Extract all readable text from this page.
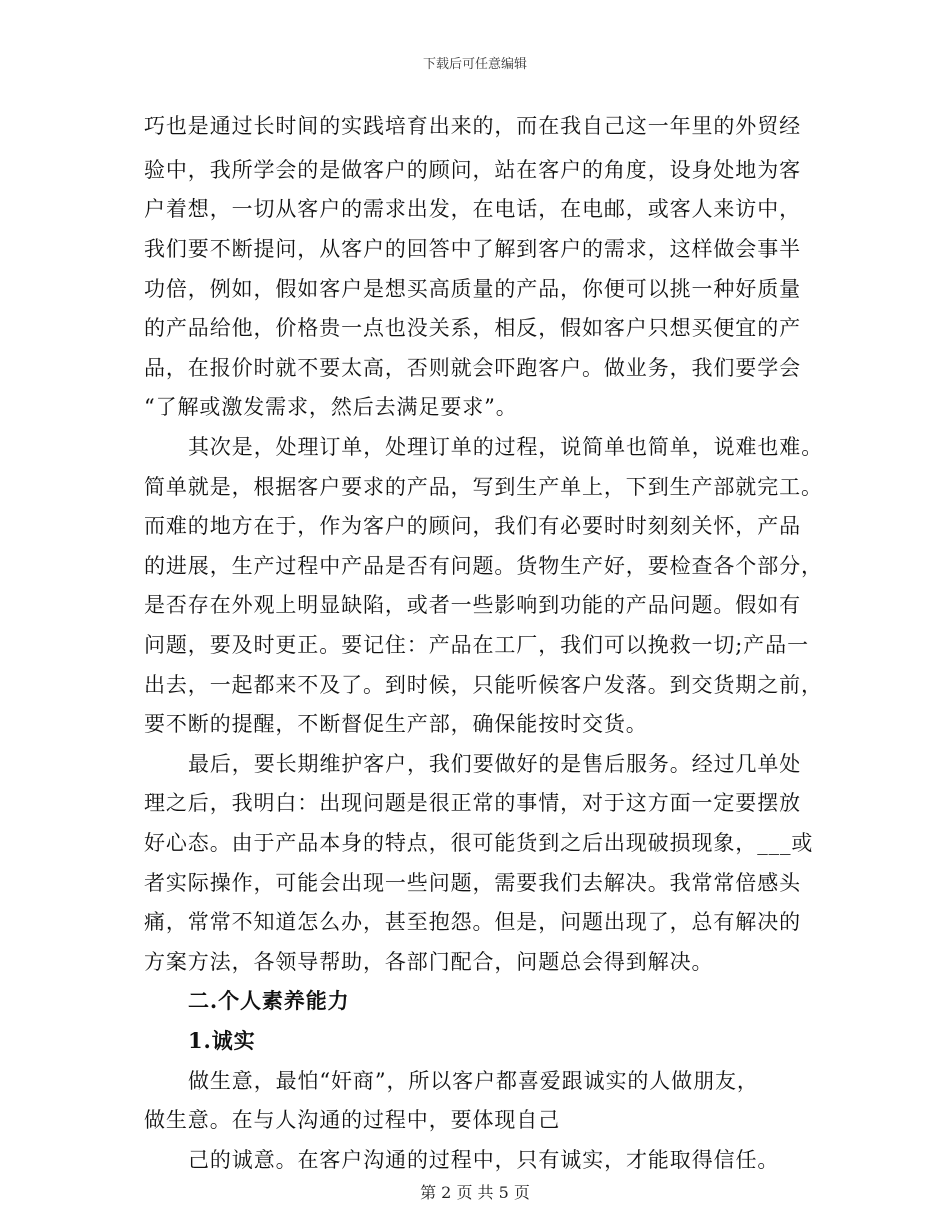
下载后可任意编辑
巧也是通过长时间的实践培育出来的，而在我自己这一年里的外贸经
验中，我所学会的是做客户的顾问，站在客户的角度，设身处地为客
户着想，一切从客户的需求出发，在电话，在电邮，或客人来访中，
我们要不断提问，从客户的回答中了解到客户的需求，这样做会事半
功倍，例如，假如客户是想买高质量的产品，你便可以挑一种好质量
的产品给他，价格贵一点也没关系，相反，假如客户只想买便宜的产
品，在报价时就不要太高，否则就会吓跑客户。做业务，我们要学会
“了解或激发需求，然后去满足要求”。
其次是，处理订单，处理订单的过程，说简单也简单，说难也难。
简单就是，根据客户要求的产品，写到生产单上，下到生产部就完工。
而难的地方在于，作为客户的顾问，我们有必要时时刻刻关怀，产品
的进展，生产过程中产品是否有问题。货物生产好，要检查各个部分，
是否存在外观上明显缺陷，或者一些影响到功能的产品问题。假如有
问题，要及时更正。要记住：产品在工厂，我们可以挽救一切;产品一
出去，一起都来不及了。到时候，只能听候客户发落。到交货期之前，
要不断的提醒，不断督促生产部，确保能按时交货。
最后，要长期维护客户，我们要做好的是售后服务。经过几单处
理之后，我明白：出现问题是很正常的事情，对于这方面一定要摆放
好心态。由于产品本身的特点，很可能货到之后出现破损现象，___或
者实际操作，可能会出现一些问题，需要我们去解决。我常常倍感头
痛，常常不知道怎么办，甚至抱怨。但是，问题出现了，总有解决的
方案方法，各领导帮助，各部门配合，问题总会得到解决。
二.个人素养能力
1.诚实
做生意，最怕“奸商”，所以客户都喜爱跟诚实的人做朋友，
做生意。在与人沟通的过程中，要体现自己
己的诚意。在客户沟通的过程中，只有诚实，才能取得信任。
第 2 页 共 5 页
